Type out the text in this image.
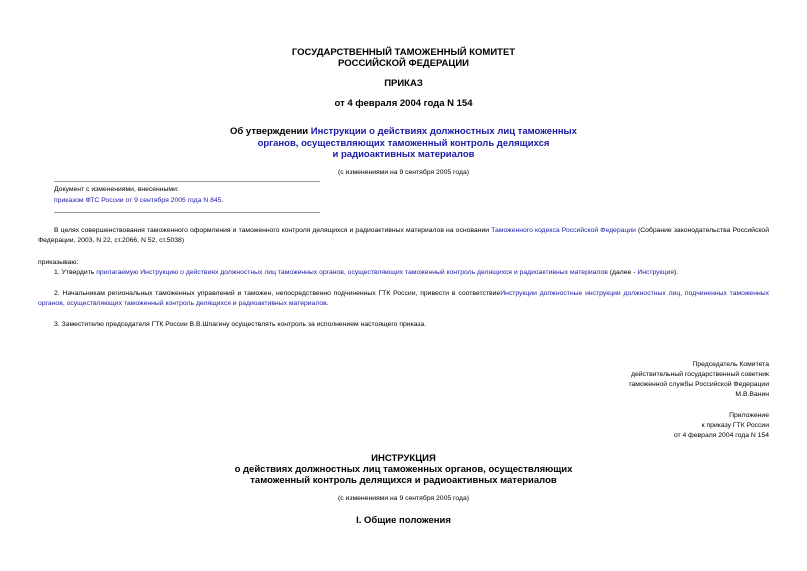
ГОСУДАРСТВЕННЫЙ ТАМОЖЕННЫЙ КОМИТЕТ
РОССИЙСКОЙ ФЕДЕРАЦИИ
ПРИКАЗ
от 4 февраля 2004 года N 154
Об утверждении Инструкции о действиях должностных лиц таможенных
органов, осуществляющих таможенный контроль делящихся
и радиоактивных материалов
(с изменениями на 9 сентября 2005 года)
Документ с изменениями, внесенными:
приказом ФТС России от 9 сентября 2005 года N 845.
В целях совершенствования таможенного оформления и таможенного контроля делящихся и радиоактивных материалов на основании Таможенного кодекса Российской Федерации (Собрание законодательства Российской Федерации, 2003, N 22, ст.2066, N 52, ст.5038)
приказываю:
1. Утвердить прилагаемую Инструкцию о действиях должностных лиц таможенных органов, осуществляющих таможенный контроль делящихся и радиоактивных материалов (далее - Инструкция).
2. Начальникам региональных таможенных управлений и таможен, непосредственно подчиненных ГТК России, привести в соответствиеИнструкции должностные инструкции должностных лиц, подчиненных таможенных органов, осуществляющих таможенный контроль делящихся и радиоактивных материалов.
3. Заместителю председателя ГТК России В.В.Шпагину осуществлять контроль за исполнением настоящего приказа.
Председатель Комитета
действительный государственный советник
таможенной службы Российской Федерации
М.В.Ванин
Приложение
к приказу ГТК России
от 4 февраля 2004 года N 154
ИНСТРУКЦИЯ
о действиях должностных лиц таможенных органов, осуществляющих
таможенный контроль делящихся и радиоактивных материалов
(с изменениями на 9 сентября 2005 года)
I. Общие положения
